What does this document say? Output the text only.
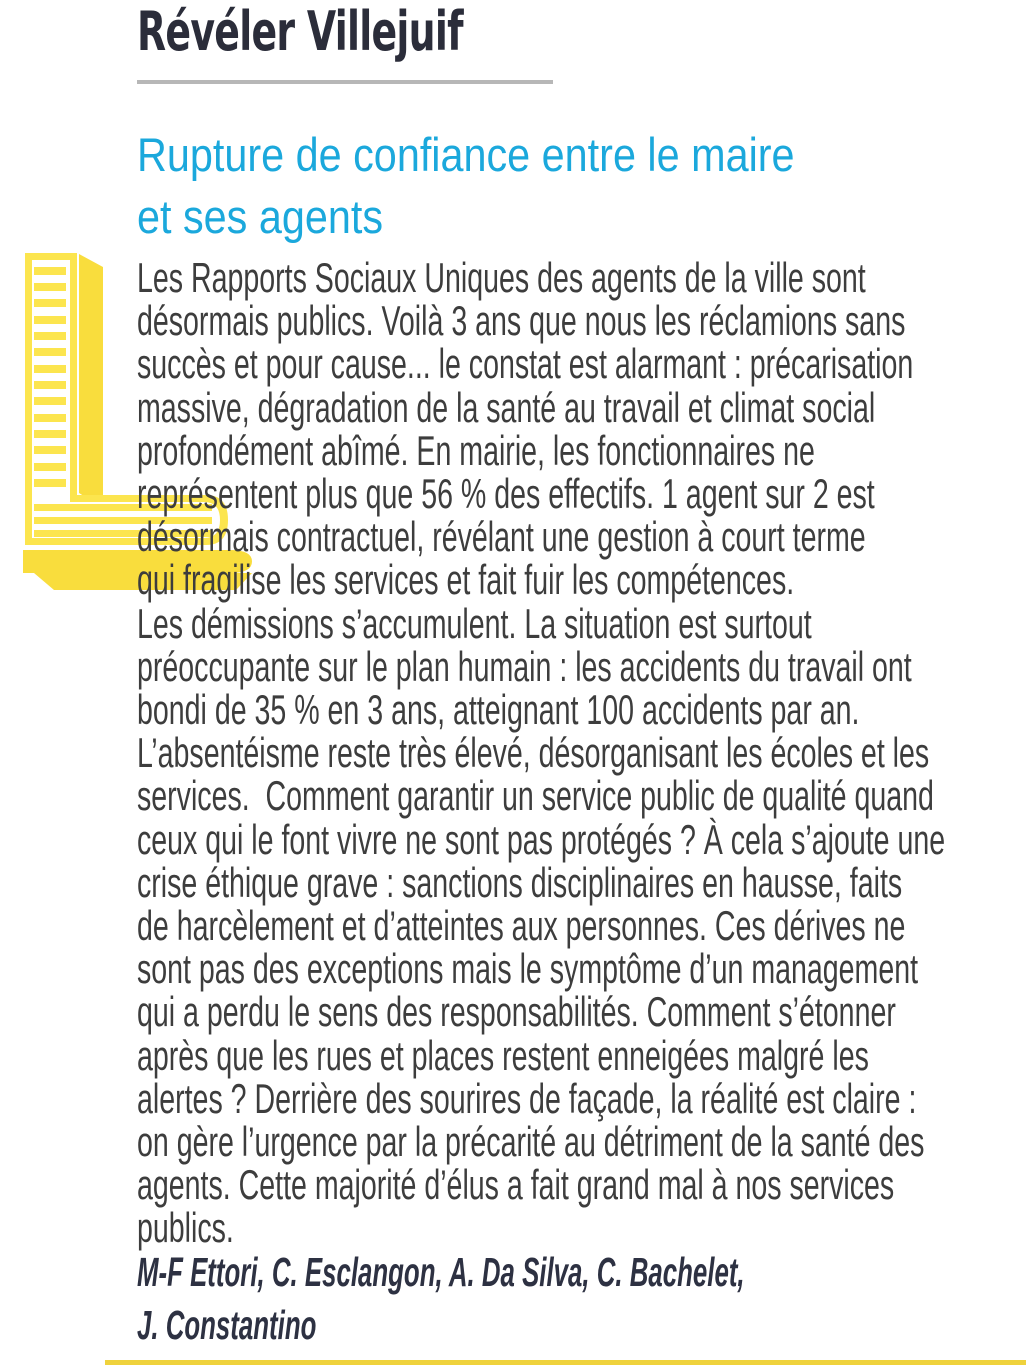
Révéler Villejuif
Rupture de confiance entre le maire
et ses agents
Les Rapports Sociaux Uniques des agents de la ville sont
désormais publics. Voilà 3 ans que nous les réclamions sans
succès et pour cause... le constat est alarmant : précarisation
massive, dégradation de la santé au travail et climat social
profondément abîmé. En mairie, les fonctionnaires ne
représentent plus que 56 % des effectifs. 1 agent sur 2 est
désormais contractuel, révélant une gestion à court terme
qui fragilise les services et fait fuir les compétences.
Les démissions s’accumulent. La situation est surtout
préoccupante sur le plan humain : les accidents du travail ont
bondi de 35 % en 3 ans, atteignant 100 accidents par an.
L’absentéisme reste très élevé, désorganisant les écoles et les
services.  Comment garantir un service public de qualité quand
ceux qui le font vivre ne sont pas protégés ? À cela s’ajoute une
crise éthique grave : sanctions disciplinaires en hausse, faits
de harcèlement et d’atteintes aux personnes. Ces dérives ne
sont pas des exceptions mais le symptôme d’un management
qui a perdu le sens des responsabilités. Comment s’étonner
après que les rues et places restent enneigées malgré les
alertes ? Derrière des sourires de façade, la réalité est claire :
on gère l’urgence par la précarité au détriment de la santé des
agents. Cette majorité d’élus a fait grand mal à nos services
publics.
M-F Ettori, C. Esclangon, A. Da Silva, C. Bachelet,
J. Constantino
